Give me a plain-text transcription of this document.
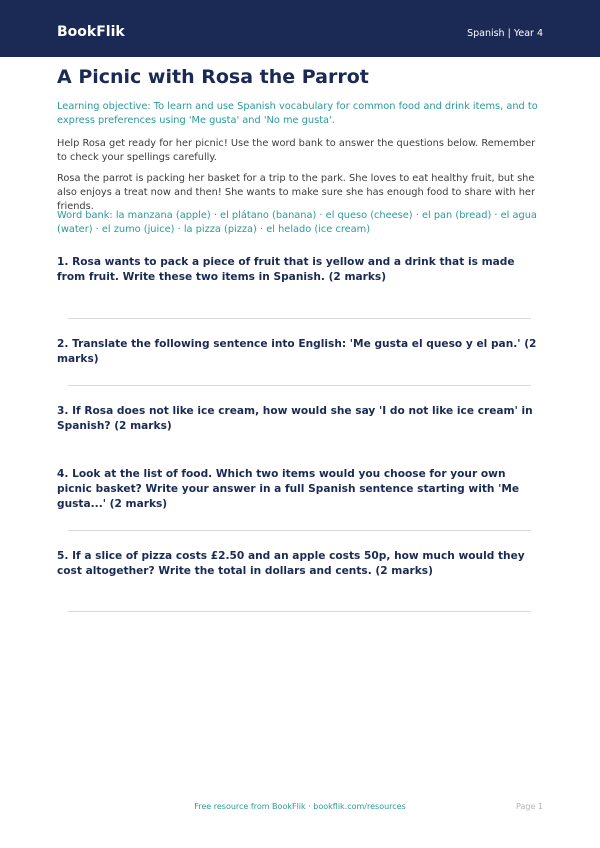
BookFlik	Spanish | Year 4
A Picnic with Rosa the Parrot

Learning objective: To learn and use Spanish vocabulary for common food and drink items, and to express preferences using 'Me gusta' and 'No me gusta'.

Help Rosa get ready for her picnic! Use the word bank to answer the questions below. Remember to check your spellings carefully.

Rosa the parrot is packing her basket for a trip to the park. She loves to eat healthy fruit, but she also enjoys a treat now and then! She wants to make sure she has enough food to share with her friends.

Word bank: la manzana (apple) · el plátano (banana) · el queso (cheese) · el pan (bread) · el agua (water) · el zumo (juice) · la pizza (pizza) · el helado (ice cream)

1. Rosa wants to pack a piece of fruit that is yellow and a drink that is made from fruit. Write these two items in Spanish. (2 marks)

2. Translate the following sentence into English: 'Me gusta el queso y el pan.' (2 marks)

3. If Rosa does not like ice cream, how would she say 'I do not like ice cream' in Spanish? (2 marks)

4. Look at the list of food. Which two items would you choose for your own picnic basket? Write your answer in a full Spanish sentence starting with 'Me gusta...' (2 marks)

5. If a slice of pizza costs £2.50 and an apple costs 50p, how much would they cost altogether? Write the total in dollars and cents. (2 marks)

Free resource from BookFlik · bookflik.com/resources	Page 1
